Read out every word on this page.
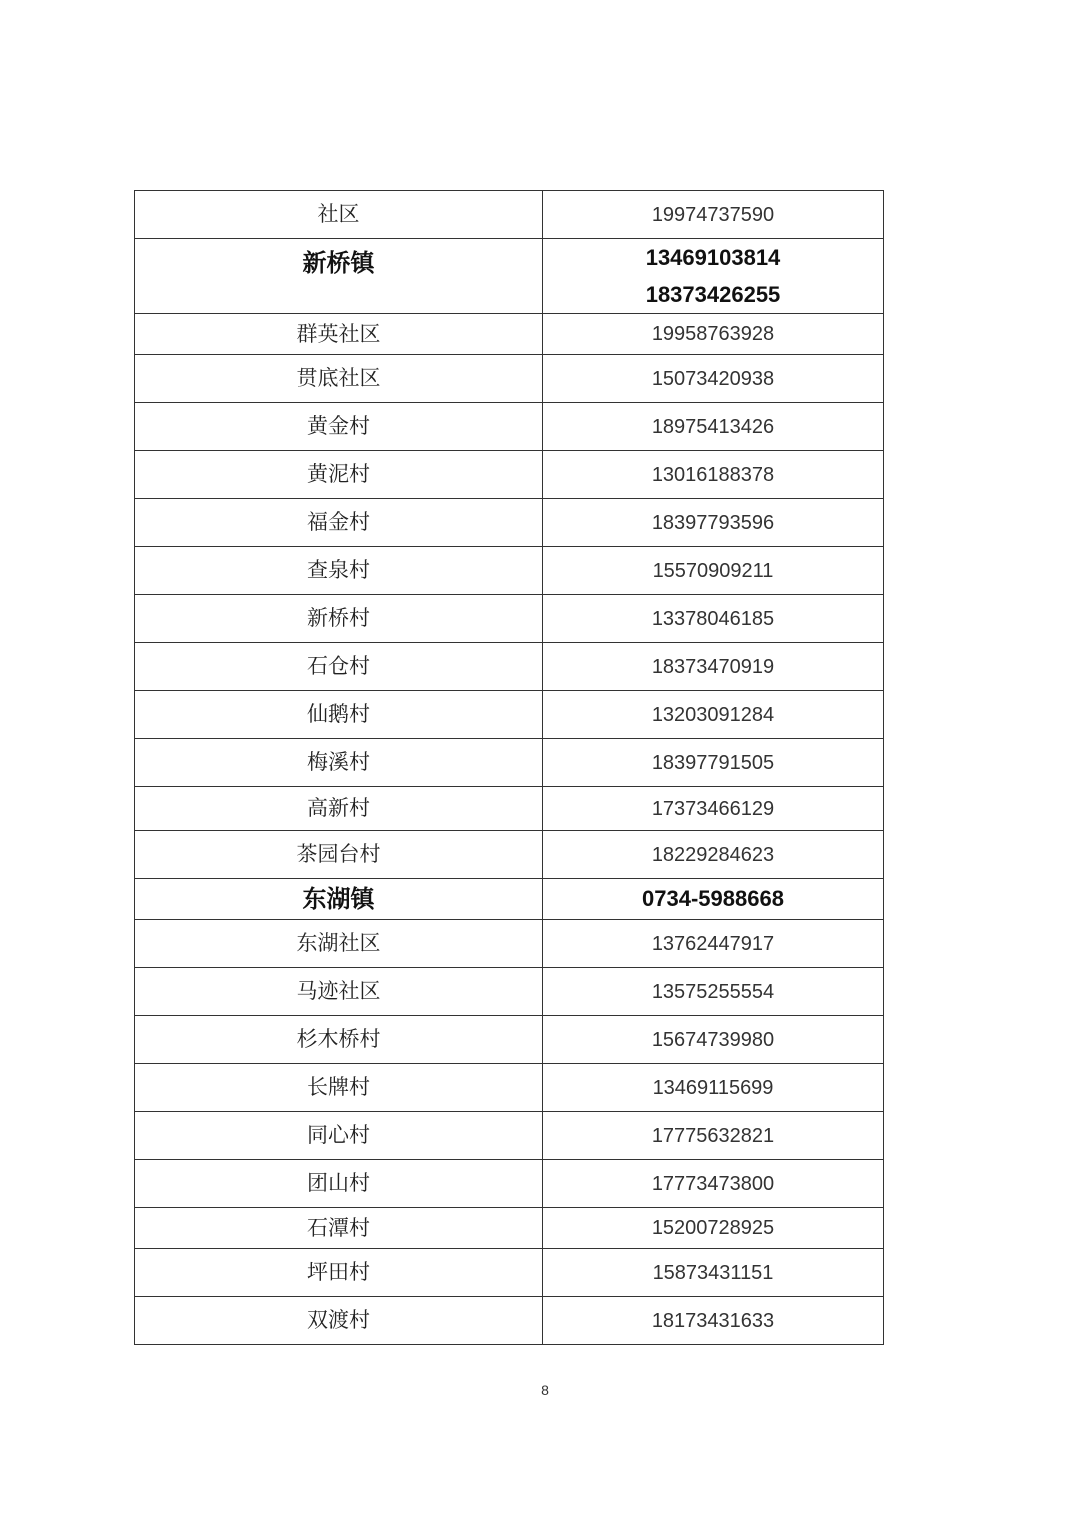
社区	19974737590

新桥镇	13469103814
18373426255

群英社区	19958763928
贯底社区	15073420938
黄金村	18975413426
黄泥村	13016188378
福金村	18397793596
查泉村	15570909211
新桥村	13378046185
石仓村	18373470919
仙鹅村	13203091284
梅溪村	18397791505
高新村	17373466129
茶园台村	18229284623
东湖镇	0734-5988668
东湖社区	13762447917
马迹社区	13575255554
杉木桥村	15674739980
长牌村	13469115699
同心村	17775632821
团山村	17773473800
石潭村	15200728925
坪田村	15873431151
双渡村	18173431633
8
